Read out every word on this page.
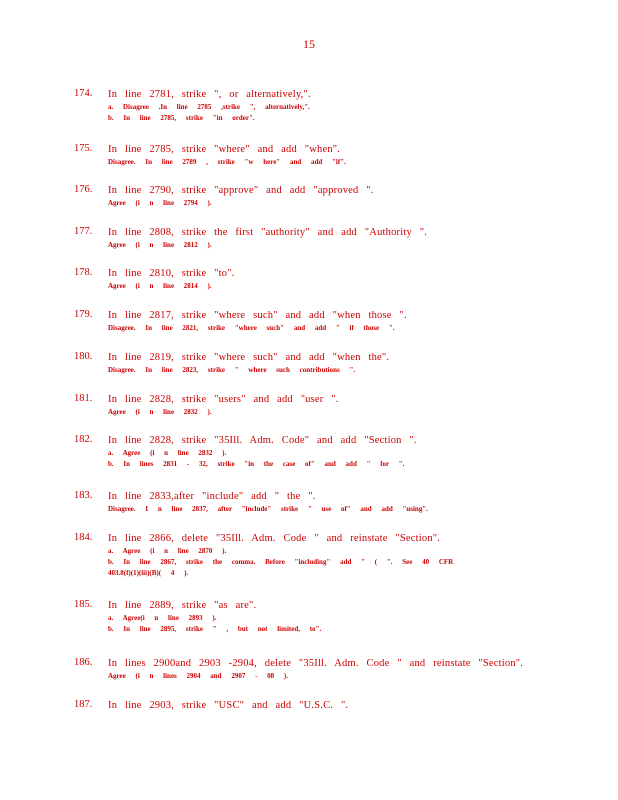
15
174. In line 2781, strike ", or alternatively,".
a. Disagree .In line 2785 ,strike ", alternatively,".
b. In line 2785, strike "in order".
175. In line 2785, strike "where" and add "when".
Disagree. In line 2789 , strike "w here" and add "if".
176. In line 2790, strike "approve" and add "approved ".
Agree (i n line 2794 ).
177. In line 2808, strike the first "authority" and add "Authority ".
Agree (i n line 2812 ).
178. In line 2810, strike "to".
Agree (i n line 2814 ).
179. In line 2817, strike "where such" and add "when those ".
Disagree. In line 2821, strike "where such" and add " if those ".
180. In line 2819, strike "where such" and add "when the".
Disagree. In line 2823, strike " where such contributions ".
181. In line 2828, strike "users" and add "user ".
Agree (i n line 2832 ).
182. In line 2828, strike "35Ill. Adm. Code" and add "Section ".
a. Agree (i n line 2832 ).
b. In lines 2831 - 32, strike "in the case of" and add " for ".
183. In line 2833,after "include" add " the ".
Disagree. I n line 2837, after "include" strike " use of" and add "using".
184. In line 2866, delete "35Ill. Adm. Code " and reinstate "Section".
a. Agree (i n line 2870 ).
b. In line 2867, strike the comma. Before "including" add " ( ". See 40 CFR
403.8(f)(1)(iii)(B)( 4 ).
185. In line 2889, strike "as are".
a. Agree(i n line 2893 ).
b. In line 2895, strike " , but not limited, to".
186. In lines 2900and 2903 -2904, delete "35Ill. Adm. Code " and reinstate "Section".
Agree (i n lines 2904 and 2907 - 08 ).
187. In line 2903, strike "USC" and add "U.S.C. ".
